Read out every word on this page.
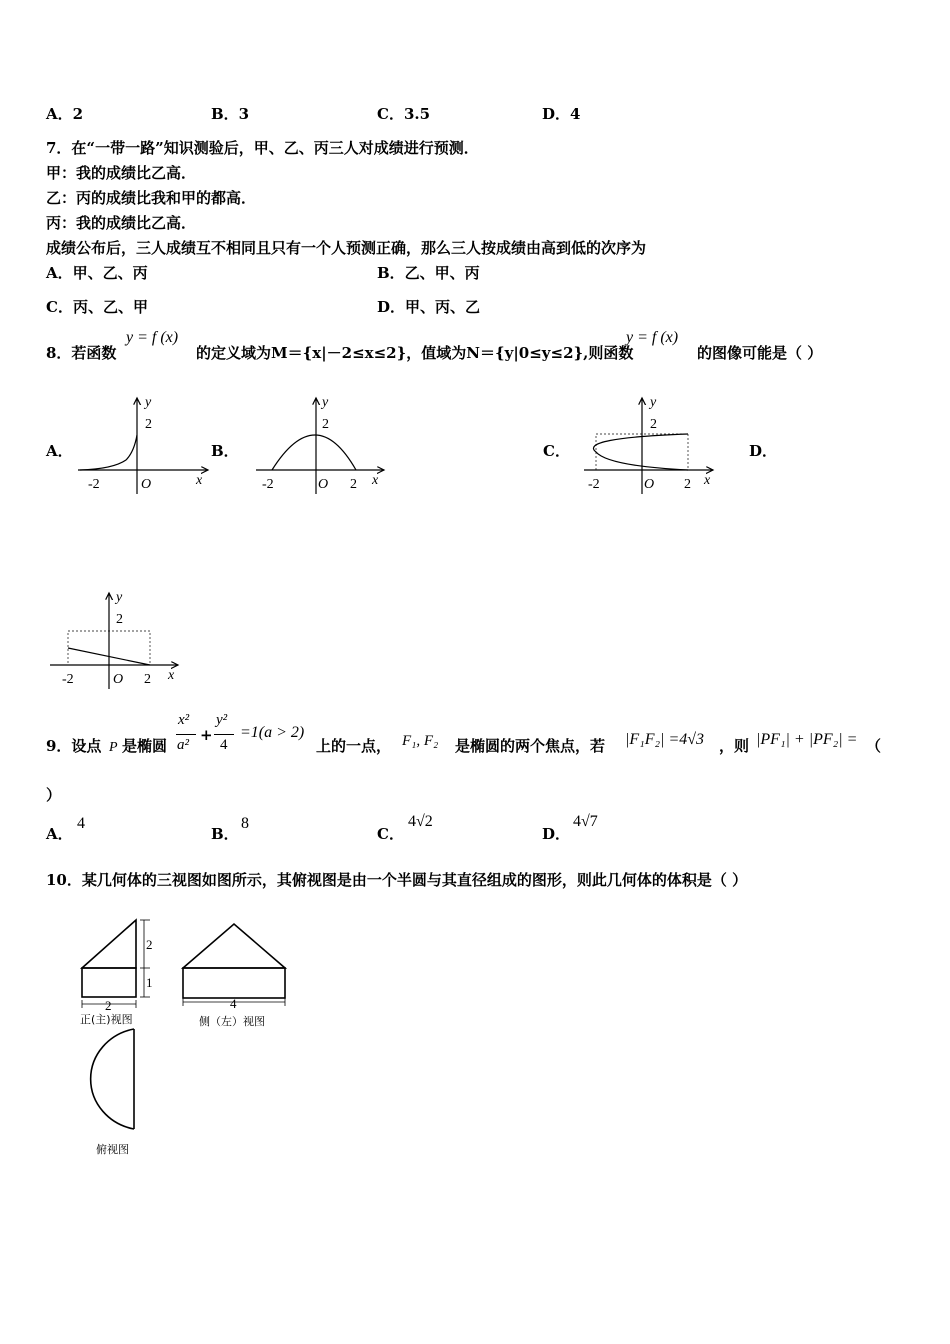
A．2	B．3	C．3.5	D．4
7．在“一带一路”知识测验后，甲、乙、丙三人对成绩进行预测．
甲：我的成绩比乙高．
乙：丙的成绩比我和甲的都高．
丙：我的成绩比乙高．
成绩公布后，三人成绩互不相同且只有一个人预测正确，那么三人按成绩由高到低的次序为
A．甲、乙、丙	B．乙、甲、丙
C．丙、乙、甲	D．甲、丙、乙
8．若函数
y = f (x)
的定义域为M＝{x|－2≤x≤2}，值域为N＝{y|0≤y≤2},则函数
y = f (x)
的图像可能是（ ）
A．	B．	C．	D．
y
2
O
-2	x
y
2
O
-2	2 x
y
2
O
-2	2 x
y
2
O
-2	2 x
9．设点 P 是椭圆
x²
a²
+
y²
4
=1(a > 2)
上的一点， F₁, F₂ 是椭圆的两个焦点，若 |F₁F₂| =4√3 ，则 |PF₁| + |PF₂| = （
）
A．
4
B．
8
C．
4√2
D．
4√7
10．某几何体的三视图如图所示，其俯视图是由一个半圆与其直径组成的图形，则此几何体的体积是（ ）
2
1
2
正(主)视图
4
侧（左）视图
俯视图
